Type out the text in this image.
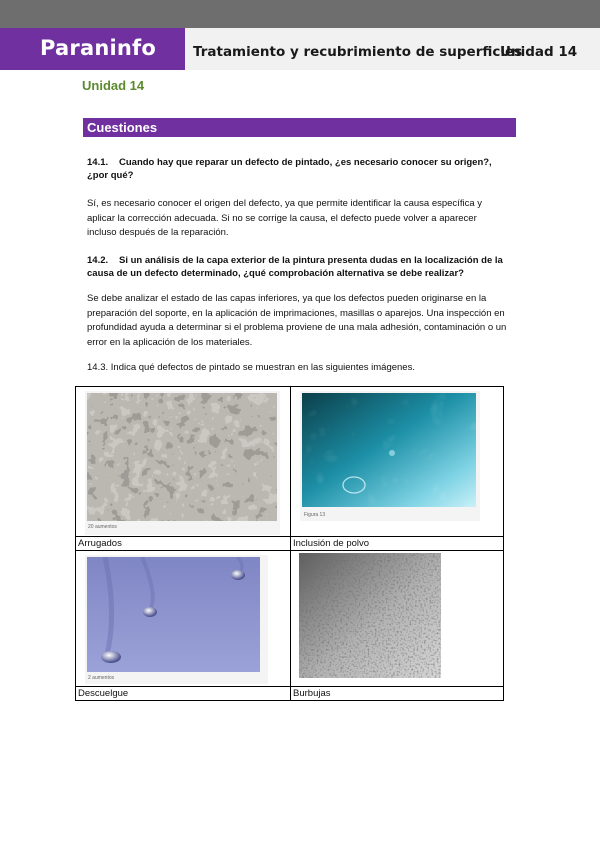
Paraninfo	Tratamiento y recubrimiento de superficies
Unidad 14
Unidad 14
Cuestiones
14.1. Cuando hay que reparar un defecto de pintado, ¿es necesario conocer su origen?, ¿por qué?
Sí, es necesario conocer el origen del defecto, ya que permite identificar la causa específica y aplicar la corrección adecuada. Si no se corrige la causa, el defecto puede volver a aparecer incluso después de la reparación.
14.2. Si un análisis de la capa exterior de la pintura presenta dudas en la localización de la causa de un defecto determinado, ¿qué comprobación alternativa se debe realizar?
Se debe analizar el estado de las capas inferiores, ya que los defectos pueden originarse en la preparación del soporte, en la aplicación de imprimaciones, masillas o aparejos. Una inspección en profundidad ayuda a determinar si el problema proviene de una mala adhesión, contaminación o un error en la aplicación de los materiales.
14.3. Indica qué defectos de pintado se muestran en las siguientes imágenes.
20 aumentos
Arrugados
Figura 13
Inclusión de polvo
2 aumentos
Descuelgue	Burbujas
